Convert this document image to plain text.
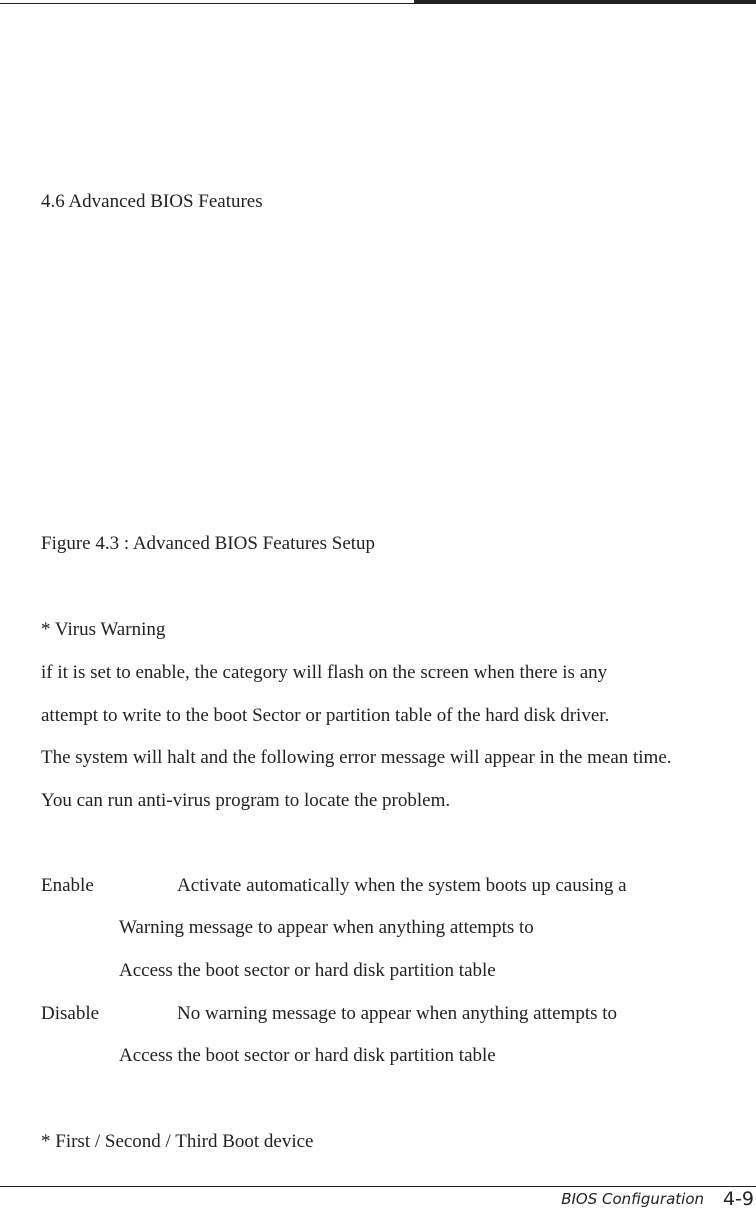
4.6 Advanced BIOS Features
Figure 4.3 : Advanced BIOS Features Setup
* Virus Warning
if it is set to enable, the category will flash on the screen when there is any
attempt to write to the boot Sector or partition table of the hard disk driver.
The system will halt and the following error message will appear in the mean time.
You can run anti-virus program to locate the problem.
Enable	Activate automatically when the system boots up causing a
Warning message to appear when anything attempts to
Access the boot sector or hard disk partition table
Disable	No warning message to appear when anything attempts to
Access the boot sector or hard disk partition table
* First / Second / Third Boot device
BIOS Configuration 4-9
